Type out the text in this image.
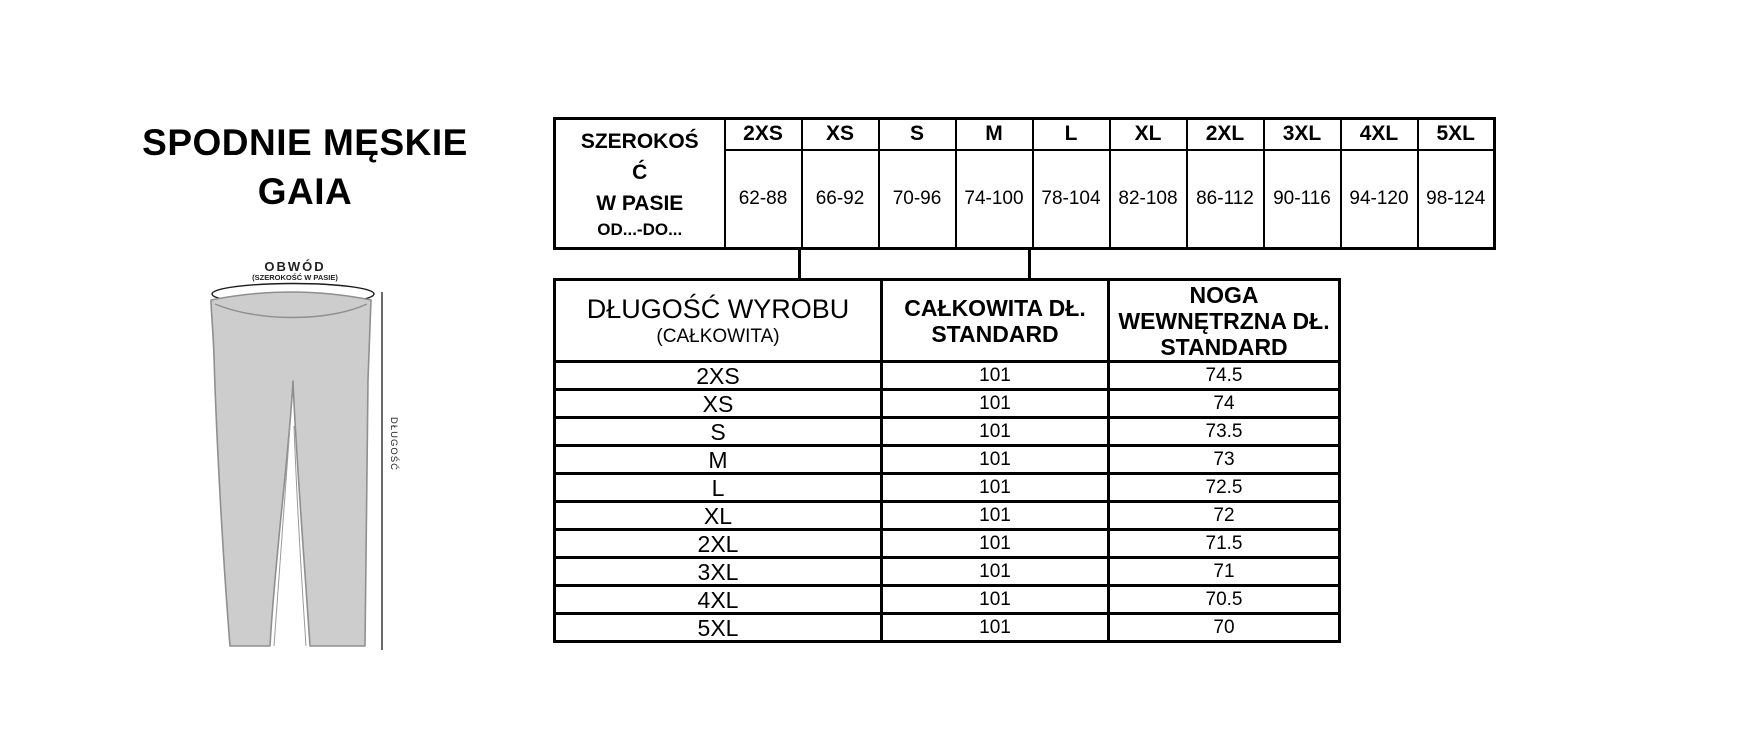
SPODNIE MĘSKIE
GAIA
OBWÓD
(SZEROKOŚĆ W PASIE)
DŁUGOŚĆ
SZEROKOŚ
Ć
W PASIE
OD...-DO...	2XS	XS	S	M	L	XL	2XL	3XL	4XL	5XL
	62-88	66-92	70-96	74-100	78-104	82-108	86-112	90-116	94-120	98-124
DŁUGOŚĆ WYROBU
(CAŁKOWITA)

CAŁKOWITA DŁ.
STANDARD

NOGA
WEWNĘTRZNA DŁ.
STANDARD

2XS	101	74.5
XS	101	74
S	101	73.5
M	101	73
L	101	72.5
XL	101	72
2XL	101	71.5
3XL	101	71
4XL	101	70.5
5XL	101	70
